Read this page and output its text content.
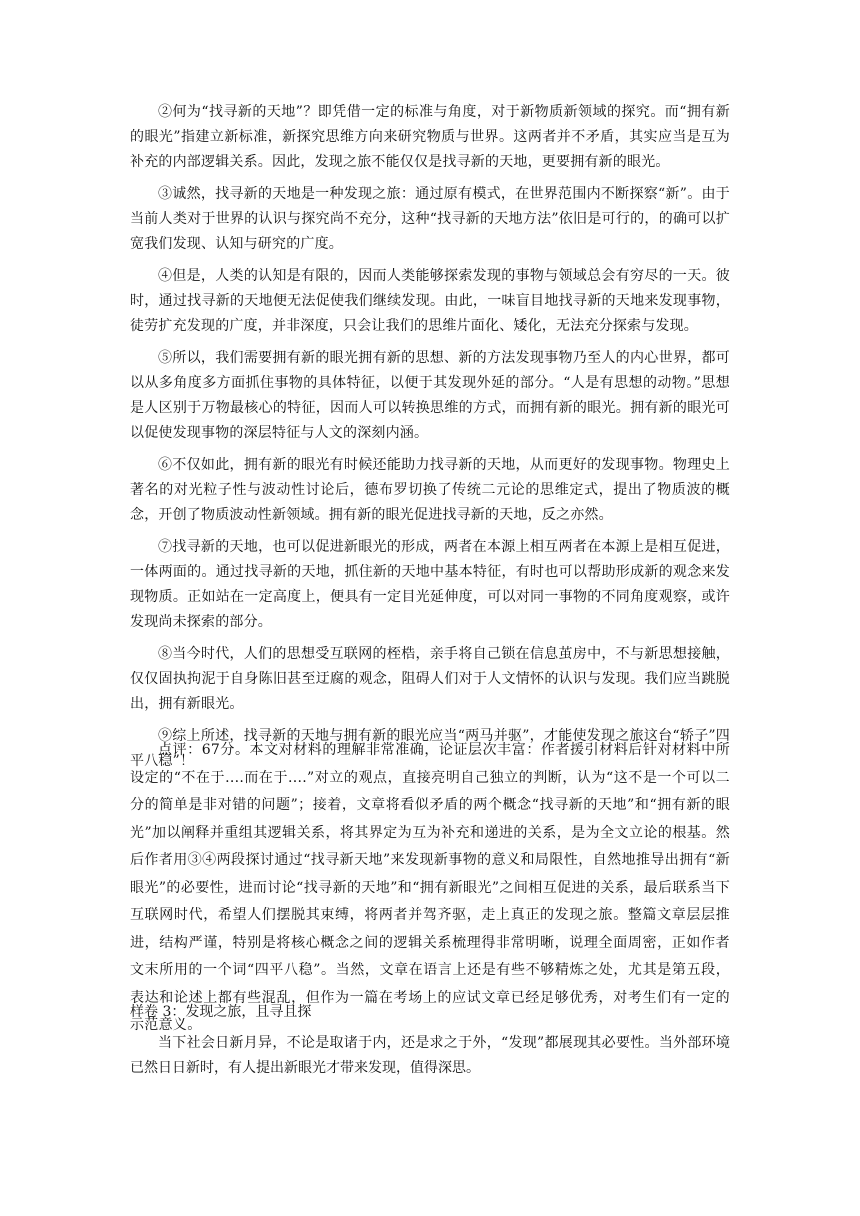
②何为“找寻新的天地”？即凭借一定的标准与角度，对于新物质新领域的探究。而“拥有新的眼光”指建立新标准，新探究思维方向来研究物质与世界。这两者并不矛盾，其实应当是互为补充的内部逻辑关系。因此，发现之旅不能仅仅是找寻新的天地，更要拥有新的眼光。

③诚然，找寻新的天地是一种发现之旅：通过原有模式，在世界范围内不断探察“新”。由于当前人类对于世界的认识与探究尚不充分，这种“找寻新的天地方法”依旧是可行的，的确可以扩宽我们发现、认知与研究的广度。

④但是，人类的认知是有限的，因而人类能够探索发现的事物与领域总会有穷尽的一天。彼时，通过找寻新的天地便无法促使我们继续发现。由此，一味盲目地找寻新的天地来发现事物，徒劳扩充发现的广度，并非深度，只会让我们的思维片面化、矮化，无法充分探索与发现。

⑤所以，我们需要拥有新的眼光拥有新的思想、新的方法发现事物乃至人的内心世界，都可以从多角度多方面抓住事物的具体特征，以便于其发现外延的部分。“人是有思想的动物。”思想是人区别于万物最核心的特征，因而人可以转换思维的方式，而拥有新的眼光。拥有新的眼光可以促使发现事物的深层特征与人文的深刻内涵。

⑥不仅如此，拥有新的眼光有时候还能助力找寻新的天地，从而更好的发现事物。物理史上著名的对光粒子性与波动性讨论后，德布罗切换了传统二元论的思维定式，提出了物质波的概念，开创了物质波动性新领域。拥有新的眼光促进找寻新的天地，反之亦然。

⑦找寻新的天地，也可以促进新眼光的形成，两者在本源上相互两者在本源上是相互促进，一体两面的。通过找寻新的天地，抓住新的天地中基本特征，有时也可以帮助形成新的观念来发现物质。正如站在一定高度上，便具有一定目光延伸度，可以对同一事物的不同角度观察，或许发现尚未探索的部分。

⑧当今时代，人们的思想受互联网的桎梏，亲手将自己锁在信息茧房中，不与新思想接触，仅仅固执拘泥于自身陈旧甚至迂腐的观念，阻碍人们对于人文情怀的认识与发现。我们应当跳脱出，拥有新眼光。

⑨综上所述，找寻新的天地与拥有新的眼光应当“两马并驱”，才能使发现之旅这台“轿子”四平八稳”！

点评：67分。本文对材料的理解非常准确，论证层次丰富：作者援引材料后针对材料中所设定的“不在于....而在于....”对立的观点，直接亮明自己独立的判断，认为“这不是一个可以二分的简单是非对错的问题”；接着，文章将看似矛盾的两个概念“找寻新的天地”和“拥有新的眼光”加以阐释并重组其逻辑关系，将其界定为互为补充和递进的关系，是为全文立论的根基。然后作者用③④两段探讨通过“找寻新天地”来发现新事物的意义和局限性，自然地推导出拥有“新眼光”的必要性，进而讨论“找寻新的天地”和“拥有新眼光”之间相互促进的关系，最后联系当下互联网时代，希望人们摆脱其束缚，将两者并驾齐驱，走上真正的发现之旅。整篇文章层层推进，结构严谨，特别是将核心概念之间的逻辑关系梳理得非常明晰，说理全面周密，正如作者文末所用的一个词“四平八稳”。当然，文章在语言上还是有些不够精炼之处，尤其是第五段，表达和论述上都有些混乱，但作为一篇在考场上的应试文章已经足够优秀，对考生们有一定的示范意义。

样卷 3：发现之旅，且寻且探

当下社会日新月异，不论是取诸于内，还是求之于外，“发现”都展现其必要性。当外部环境已然日日新时，有人提出新眼光才带来发现，值得深思。
